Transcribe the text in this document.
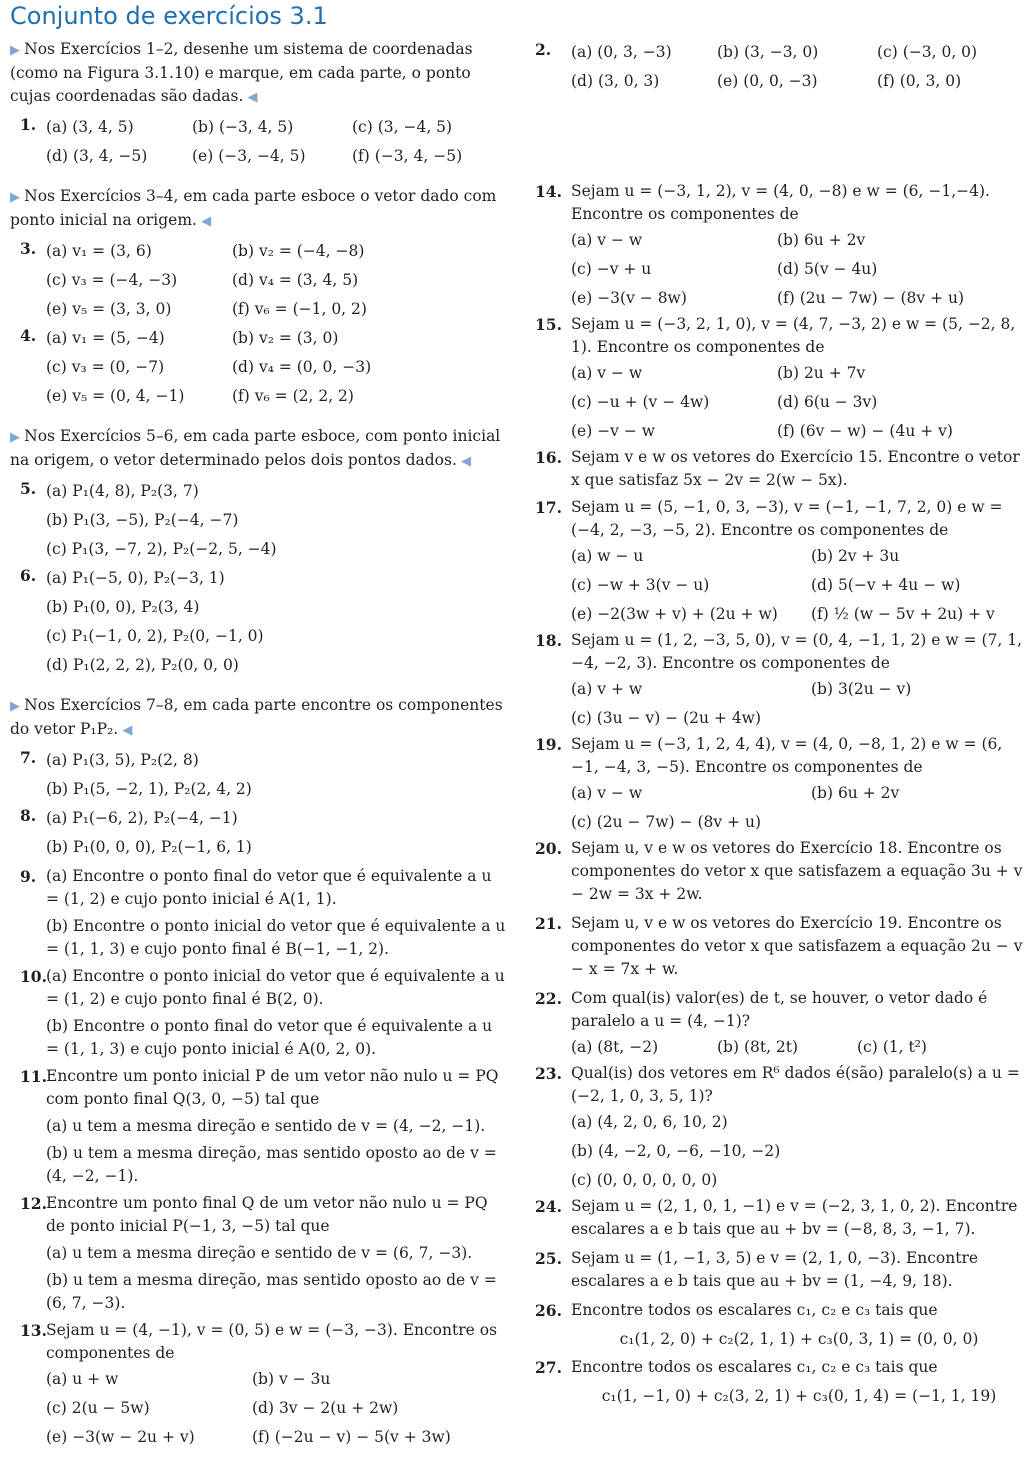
Conjunto de exercícios 3.1
▶ Nos Exercícios 1–2, desenhe um sistema de coordenadas (como na Figura 3.1.10) e marque, em cada parte, o ponto cujas coordenadas são dadas. ◀
1. (a) (3, 4, 5)	(b) (−3, 4, 5)	(c) (3, −4, 5)
(d) (3, 4, −5)	(e) (−3, −4, 5)	(f) (−3, 4, −5)
▶ Nos Exercícios 3–4, em cada parte esboce o vetor dado com ponto inicial na origem. ◀
3. (a) v₁ = (3, 6)	(b) v₂ = (−4, −8)
(c) v₃ = (−4, −3)	(d) v₄ = (3, 4, 5)
(e) v₅ = (3, 3, 0)	(f) v₆ = (−1, 0, 2)
4. (a) v₁ = (5, −4)	(b) v₂ = (3, 0)
(c) v₃ = (0, −7)	(d) v₄ = (0, 0, −3)
(e) v₅ = (0, 4, −1)	(f) v₆ = (2, 2, 2)
▶ Nos Exercícios 5–6, em cada parte esboce, com ponto inicial na origem, o vetor determinado pelos dois pontos dados. ◀
5. (a) P₁(4, 8), P₂(3, 7)
(b) P₁(3, −5), P₂(−4, −7)
(c) P₁(3, −7, 2), P₂(−2, 5, −4)
6. (a) P₁(−5, 0), P₂(−3, 1)
(b) P₁(0, 0), P₂(3, 4)
(c) P₁(−1, 0, 2), P₂(0, −1, 0)
(d) P₁(2, 2, 2), P₂(0, 0, 0)
▶ Nos Exercícios 7–8, em cada parte encontre os componentes do vetor P₁P₂. ◀
7. (a) P₁(3, 5), P₂(2, 8)
(b) P₁(5, −2, 1), P₂(2, 4, 2)
8. (a) P₁(−6, 2), P₂(−4, −1)
(b) P₁(0, 0, 0), P₂(−1, 6, 1)
9. (a) Encontre o ponto final do vetor que é equivalente a u = (1, 2) e cujo ponto inicial é A(1, 1).
(b) Encontre o ponto inicial do vetor que é equivalente a u = (1, 1, 3) e cujo ponto final é B(−1, −1, 2).
10. (a) Encontre o ponto inicial do vetor que é equivalente a u = (1, 2) e cujo ponto final é B(2, 0).
(b) Encontre o ponto final do vetor que é equivalente a u = (1, 1, 3) e cujo ponto inicial é A(0, 2, 0).
11. Encontre um ponto inicial P de um vetor não nulo u = PQ com ponto final Q(3, 0, −5) tal que
(a) u tem a mesma direção e sentido de v = (4, −2, −1).
(b) u tem a mesma direção, mas sentido oposto ao de v = (4, −2, −1).
12. Encontre um ponto final Q de um vetor não nulo u = PQ de ponto inicial P(−1, 3, −5) tal que
(a) u tem a mesma direção e sentido de v = (6, 7, −3).
(b) u tem a mesma direção, mas sentido oposto ao de v = (6, 7, −3).
13. Sejam u = (4, −1), v = (0, 5) e w = (−3, −3). Encontre os componentes de
(a) u + w	(b) v − 3u
(c) 2(u − 5w)	(d) 3v − 2(u + 2w)
(e) −3(w − 2u + v)	(f) (−2u − v) − 5(v + 3w)
2. (a) (0, 3, −3)	(b) (3, −3, 0)	(c) (−3, 0, 0)
(d) (3, 0, 3)	(e) (0, 0, −3)	(f) (0, 3, 0)
14. Sejam u = (−3, 1, 2), v = (4, 0, −8) e w = (6, −1,−4). Encontre os componentes de
(a) v − w	(b) 6u + 2v
(c) −v + u	(d) 5(v − 4u)
(e) −3(v − 8w)	(f) (2u − 7w) − (8v + u)
15. Sejam u = (−3, 2, 1, 0), v = (4, 7, −3, 2) e w = (5, −2, 8, 1). Encontre os componentes de
(a) v − w	(b) 2u + 7v
(c) −u + (v − 4w)	(d) 6(u − 3v)
(e) −v − w	(f) (6v − w) − (4u + v)
16. Sejam v e w os vetores do Exercício 15. Encontre o vetor x que satisfaz 5x − 2v = 2(w − 5x).
17. Sejam u = (5, −1, 0, 3, −3), v = (−1, −1, 7, 2, 0) e w = (−4, 2, −3, −5, 2). Encontre os componentes de
(a) w − u	(b) 2v + 3u
(c) −w + 3(v − u)	(d) 5(−v + 4u − w)
(e) −2(3w + v) + (2u + w)	(f) ½ (w − 5v + 2u) + v
18. Sejam u = (1, 2, −3, 5, 0), v = (0, 4, −1, 1, 2) e w = (7, 1, −4, −2, 3). Encontre os componentes de
(a) v + w	(b) 3(2u − v)
(c) (3u − v) − (2u + 4w)
19. Sejam u = (−3, 1, 2, 4, 4), v = (4, 0, −8, 1, 2) e w = (6, −1, −4, 3, −5). Encontre os componentes de
(a) v − w	(b) 6u + 2v
(c) (2u − 7w) − (8v + u)
20. Sejam u, v e w os vetores do Exercício 18. Encontre os componentes do vetor x que satisfazem a equação 3u + v − 2w = 3x + 2w.
21. Sejam u, v e w os vetores do Exercício 19. Encontre os componentes do vetor x que satisfazem a equação 2u − v − x = 7x + w.
22. Com qual(is) valor(es) de t, se houver, o vetor dado é paralelo a u = (4, −1)?
(a) (8t, −2)	(b) (8t, 2t)	(c) (1, t²)
23. Qual(is) dos vetores em R⁶ dados é(são) paralelo(s) a u = (−2, 1, 0, 3, 5, 1)?
(a) (4, 2, 0, 6, 10, 2)
(b) (4, −2, 0, −6, −10, −2)
(c) (0, 0, 0, 0, 0, 0)
24. Sejam u = (2, 1, 0, 1, −1) e v = (−2, 3, 1, 0, 2). Encontre escalares a e b tais que au + bv = (−8, 8, 3, −1, 7).
25. Sejam u = (1, −1, 3, 5) e v = (2, 1, 0, −3). Encontre escalares a e b tais que au + bv = (1, −4, 9, 18).
26. Encontre todos os escalares c₁, c₂ e c₃ tais que
c₁(1, 2, 0) + c₂(2, 1, 1) + c₃(0, 3, 1) = (0, 0, 0)
27. Encontre todos os escalares c₁, c₂ e c₃ tais que
c₁(1, −1, 0) + c₂(3, 2, 1) + c₃(0, 1, 4) = (−1, 1, 19)
